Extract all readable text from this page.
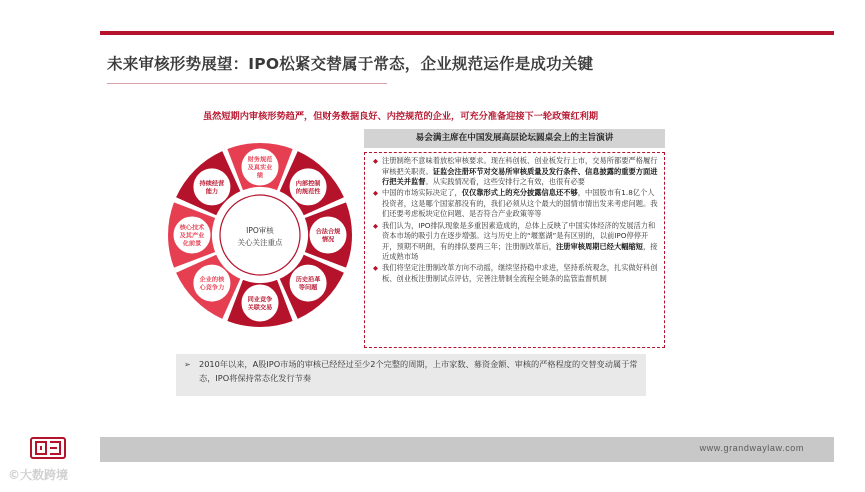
未来审核形势展望：IPO松紧交替属于常态，企业规范运作是成功关键
虽然短期内审核形势趋严，但财务数据良好、内控规范的企业，可充分准备迎接下一轮政策红利期
财务规范
及真实业
绩
内部控制
的规范性
合法合规
情况
历史沿革
等问题
同业竞争
关联交易
企业的核
心竞争力
核心技术
及其产业
化前景
持续经营
能力
IPO审核
关心关注重点
易会满主席在中国发展高层论坛圆桌会上的主旨演讲
◆ 注册制绝不意味着放松审核要求。现在科创板、创业板发行上市，交易所都要严格履行审核把关职责。证监会注册环节对交易所审核质量及发行条件、信息披露的重要方面进行把关并监督。从实践情况看，这些安排行之有效，也很有必要
◆ 中国的市场实际决定了，仅仅靠形式上的充分披露信息还不够，中国股市有1.8亿个人投资者，这是哪个国家都没有的，我们必须从这个最大的国情市情出发来考虑问题。我们还要考虑板块定位问题、是否符合产业政策等等
◆ 我们认为，IPO排队现象是多重因素造成的，总体上反映了中国实体经济的发展活力和资本市场的吸引力在逐步增强。这与历史上的“堰塞湖”是有区别的，以前IPO停停开开，预期不明朗，有的排队要两三年；注册制改革后，注册审核周期已经大幅缩短，接近成熟市场
◆ 我们将坚定注册制改革方向不动摇，继续坚持稳中求进，坚持系统观念，扎实做好科创板、创业板注册制试点评估，完善注册制全流程全链条的监管监督机制
➢ 2010年以来，A股IPO市场的审核已经经过至少2个完整的周期，上市家数、募资金额、审核的严格程度的交替变动属于常态，IPO将保持常态化发行节奏
www.grandwaylaw.com
©大数跨境
